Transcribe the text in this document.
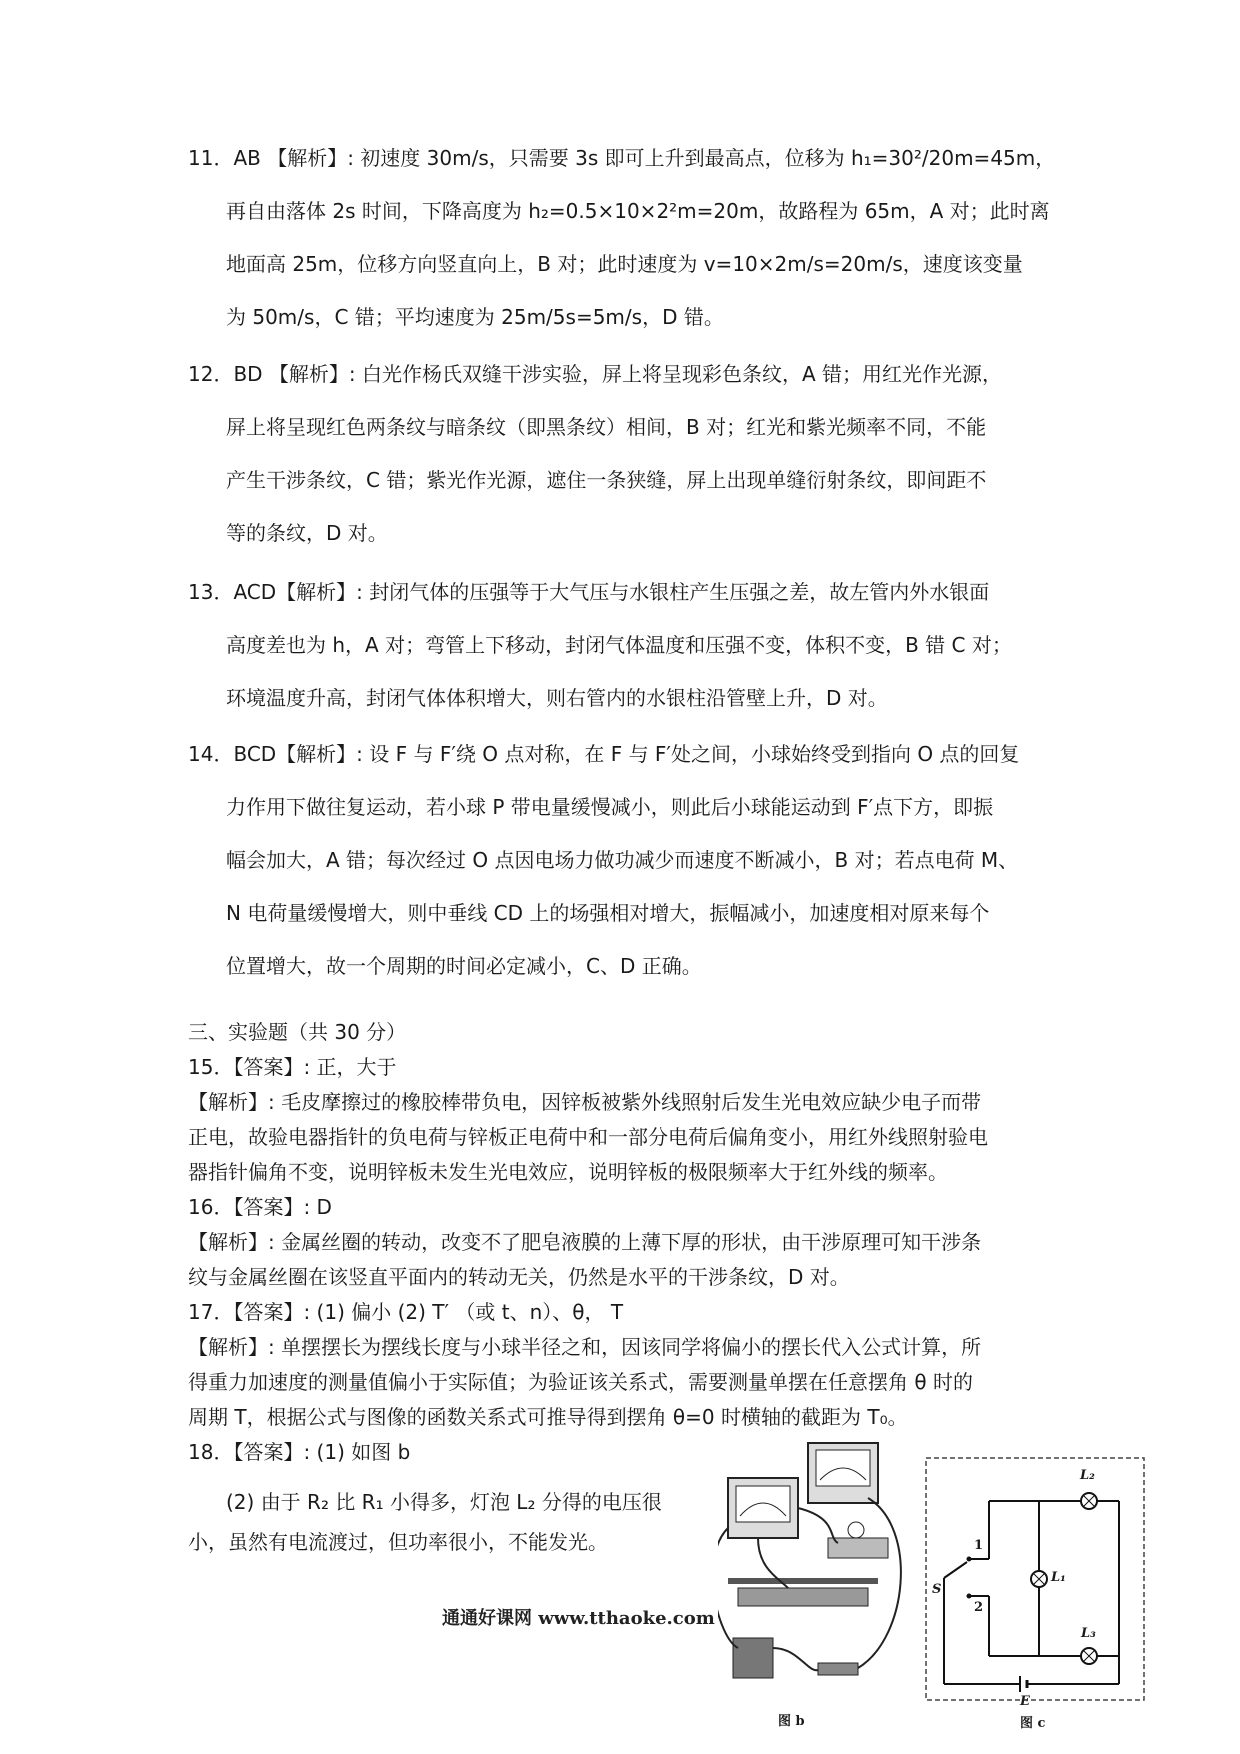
11．AB 【解析】: 初速度 30m/s，只需要 3s 即可上升到最高点，位移为 h₁=30²/20m=45m，
再自由落体 2s 时间，下降高度为 h₂=0.5×10×2²m=20m，故路程为 65m，A 对；此时离
地面高 25m，位移方向竖直向上，B 对；此时速度为 v=10×2m/s=20m/s，速度该变量
为 50m/s，C 错；平均速度为 25m/5s=5m/s，D 错。
12．BD 【解析】: 白光作杨氏双缝干涉实验，屏上将呈现彩色条纹，A 错；用红光作光源，
屏上将呈现红色两条纹与暗条纹（即黑条纹）相间，B 对；红光和紫光频率不同，不能
产生干涉条纹，C 错；紫光作光源，遮住一条狭缝，屏上出现单缝衍射条纹，即间距不
等的条纹，D 对。
13．ACD【解析】: 封闭气体的压强等于大气压与水银柱产生压强之差，故左管内外水银面
高度差也为 h，A 对；弯管上下移动，封闭气体温度和压强不变，体积不变，B 错 C 对；
环境温度升高，封闭气体体积增大，则右管内的水银柱沿管壁上升，D 对。
14．BCD【解析】: 设 F 与 F′绕 O 点对称，在 F 与 F′处之间，小球始终受到指向 O 点的回复
力作用下做往复运动，若小球 P 带电量缓慢减小，则此后小球能运动到 F′点下方，即振
幅会加大，A 错；每次经过 O 点因电场力做功减少而速度不断减小，B 对；若点电荷 M、
N 电荷量缓慢增大，则中垂线 CD 上的场强相对增大，振幅减小，加速度相对原来每个
位置增大，故一个周期的时间必定减小，C、D 正确。

三、实验题（共 30 分）

15．【答案】: 正，大于

【解析】: 毛皮摩擦过的橡胶棒带负电，因锌板被紫外线照射后发生光电效应缺少电子而带

正电，故验电器指针的负电荷与锌板正电荷中和一部分电荷后偏角变小，用红外线照射验电

器指针偏角不变，说明锌板未发生光电效应，说明锌板的极限频率大于红外线的频率。

16．【答案】: D

【解析】: 金属丝圈的转动，改变不了肥皂液膜的上薄下厚的形状，由干涉原理可知干涉条

纹与金属丝圈在该竖直平面内的转动无关，仍然是水平的干涉条纹，D 对。

17．【答案】: (1) 偏小 (2) T′ （或 t、n）、θ， T

【解析】: 单摆摆长为摆线长度与小球半径之和，因该同学将偏小的摆长代入公式计算，所

得重力加速度的测量值偏小于实际值；为验证该关系式，需要测量单摆在任意摆角 θ 时的

周期 T，根据公式与图像的函数关系式可推导得到摆角 θ=0 时横轴的截距为 T₀。

18．【答案】: (1) 如图 b

(2) 由于 R₂ 比 R₁ 小得多，灯泡 L₂ 分得的电压很

小，虽然有电流渡过，但功率很小，不能发光。

通通好课网 www.tthaoke.com
图 b
L₂
L₁
L₃
S
1
2
E
图 c
